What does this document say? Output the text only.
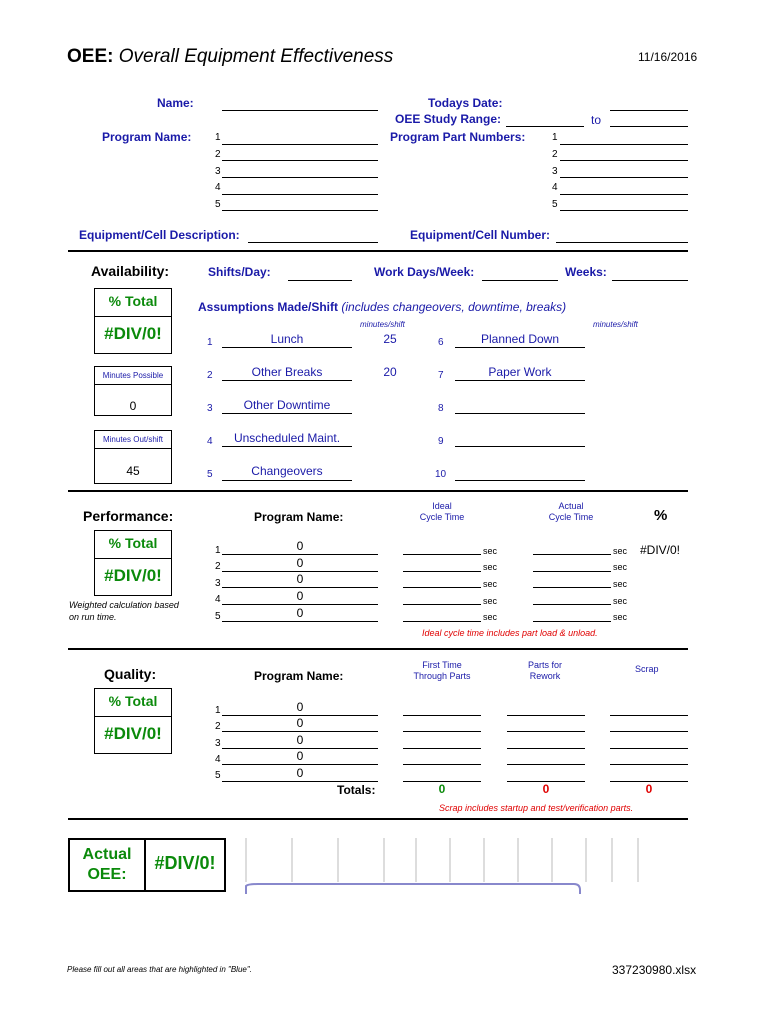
OEE: Overall Equipment Effectiveness	11/16/2016
Name:	Todays Date:
OEE Study Range:	to
Program Name:	Program Part Numbers:
1
2
3
4
5
1
2
3
4
5
Equipment/Cell Description:	Equipment/Cell Number:
Availability:	Shifts/Day:	Work Days/Week:	Weeks:
% Total
#DIV/0!
Assumptions Made/Shift (includes changeovers, downtime, breaks)
minutes/shift	minutes/shift
Minutes Possible
0
Minutes Out/shift
45
1	Lunch	25
2	Other Breaks	20
3	Other Downtime
4	Unscheduled Maint.
5	Changeovers
6	Planned Down
7	Paper Work
8
9
10
Performance:	Program Name:
Ideal
Cycle Time
Actual
Cycle Time	%
% Total
#DIV/0!
Weighted calculation based
on run time.
1	0	sec	sec #DIV/0!
2	0	sec	sec
3	0	sec	sec
4	0	sec	sec
5	0	sec	sec
Ideal cycle time includes part load & unload.
Quality:	Program Name:
First Time
Through Parts
Parts for
Rework
Scrap
% Total
#DIV/0!
1	0
2	0
3	0
4	0
5	0
Totals:	0	0	0
Scrap includes startup and test/verification parts.
Actual
OEE:
#DIV/0!
Please fill out all areas that are highlighted in "Blue".	337230980.xlsx
